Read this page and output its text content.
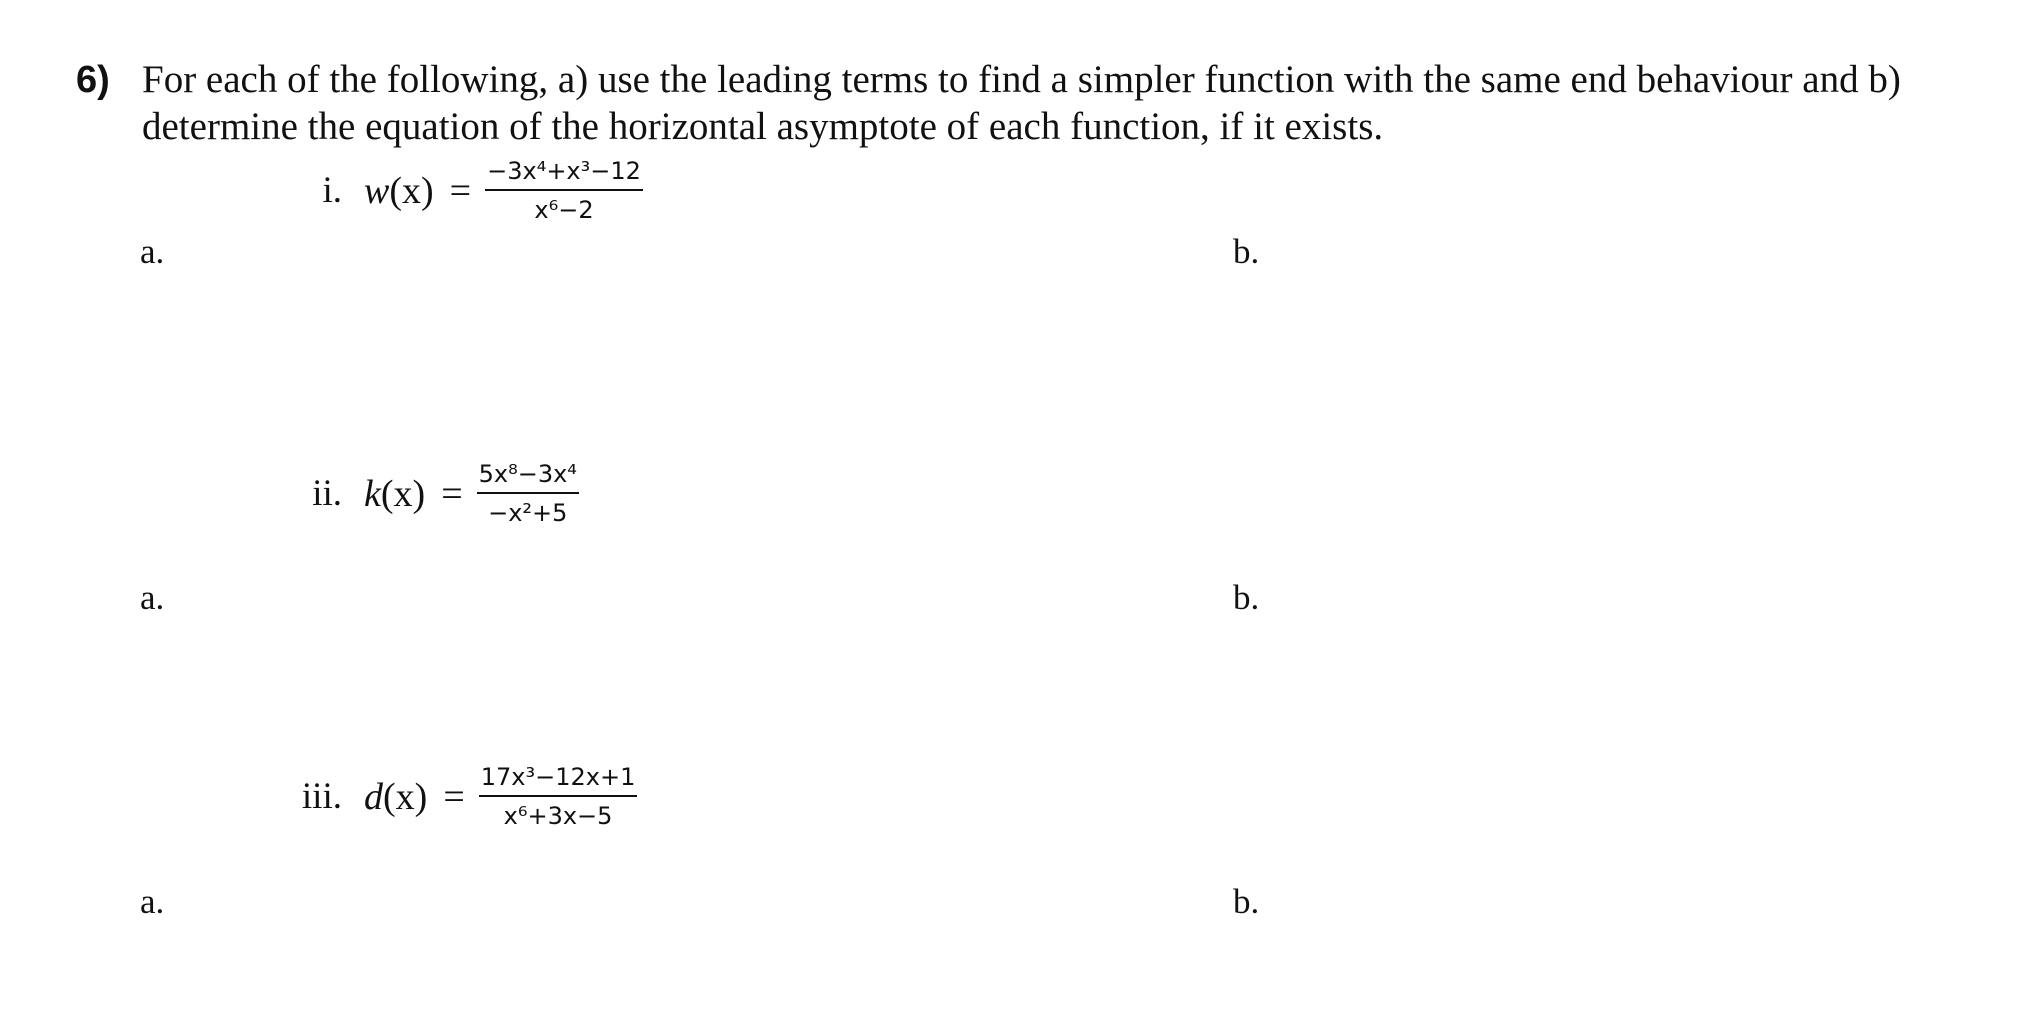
6) For each of the following, a) use the leading terms to find a simpler function with the same end behaviour and b) determine the equation of the horizontal asymptote of each function, if it exists.
i. w $(x) = \frac{\text{−3x⁴+x³−12}}{\text{x⁶−2}}$
a.	b.
ii. k $(x) = \frac{\text{5x⁸−3x⁴}}{\text{−x²+5}}$
a.	b.
iii. d $(x) = \frac{\text{17x³−12x+1}}{\text{x⁶+3x−5}}$
a.	b.
